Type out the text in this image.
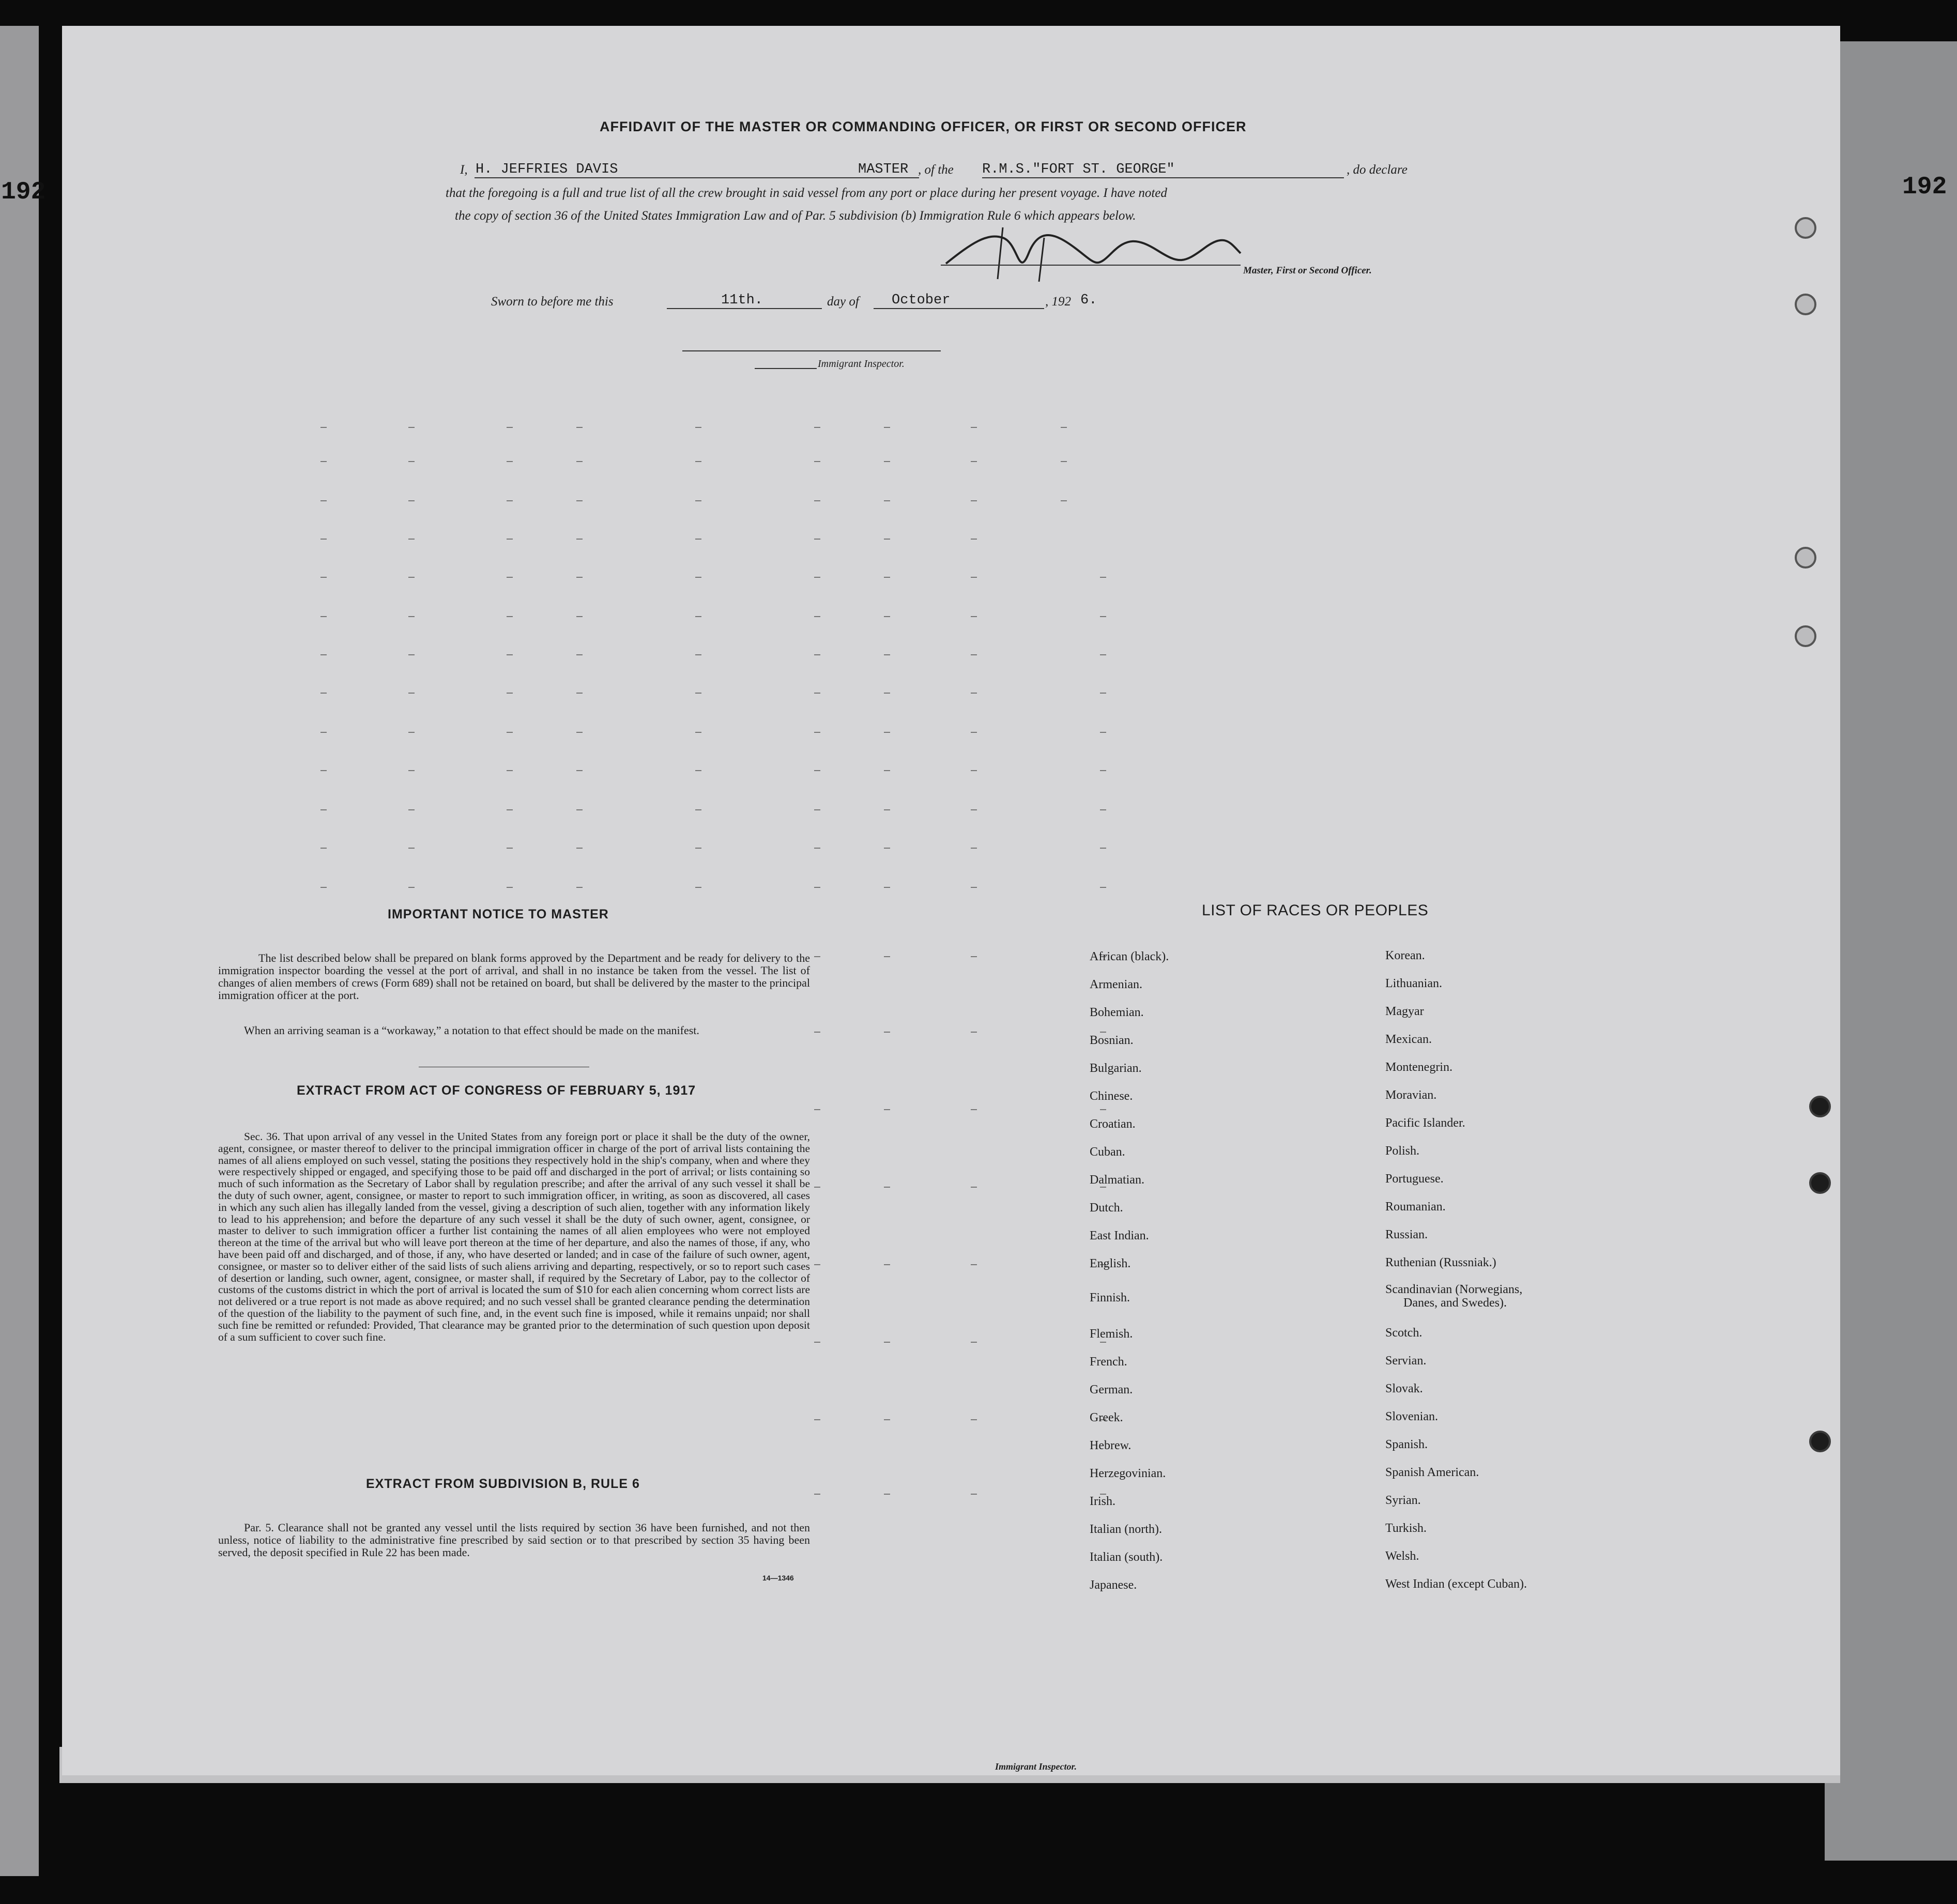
192	192
AFFIDAVIT OF THE MASTER OR COMMANDING OFFICER, OR FIRST OR SECOND OFFICER
I, H. JEFFRIES DAVIS	MASTER , of the R.M.S."FORT ST. GEORGE"	, do declare
that the foregoing is a full and true list of all the crew brought in said vessel from any port or place during her present voyage. I have noted
the copy of section 36 of the United States Immigration Law and of Par. 5 subdivision (b) Immigration Rule 6 which appears below.
Master, First or Second Officer.
Sworn to before me this	11th.	day of October	, 192 6.
Immigrant Inspector.
IMPORTANT NOTICE TO MASTER
The list described below shall be prepared on blank forms approved by the Department and be ready for delivery to the immigration inspector boarding the vessel at the port of arrival, and shall in no instance be taken from the vessel. The list of changes of alien members of crews (Form 689) shall not be retained on board, but shall be delivered by the master to the principal immigration officer at the port.
When an arriving seaman is a “workaway,” a notation to that effect should be made on the manifest.
EXTRACT FROM ACT OF CONGRESS OF FEBRUARY 5, 1917
Sec. 36. That upon arrival of any vessel in the United States from any foreign port or place it shall be the duty of the owner, agent, consignee, or master thereof to deliver to the principal immigration officer in charge of the port of arrival lists containing the names of all aliens employed on such vessel, stating the positions they respectively hold in the ship's company, when and where they were respectively shipped or engaged, and specifying those to be paid off and discharged in the port of arrival; or lists containing so much of such information as the Secretary of Labor shall by regulation prescribe; and after the arrival of any such vessel it shall be the duty of such owner, agent, consignee, or master to report to such immigration officer, in writing, as soon as discovered, all cases in which any such alien has illegally landed from the vessel, giving a description of such alien, together with any information likely to lead to his apprehension; and before the departure of any such vessel it shall be the duty of such owner, agent, consignee, or master to deliver to such immigration officer a further list containing the names of all alien employees who were not employed thereon at the time of the arrival but who will leave port thereon at the time of her departure, and also the names of those, if any, who have been paid off and discharged, and of those, if any, who have deserted or landed; and in case of the failure of such owner, agent, consignee, or master so to deliver either of the said lists of such aliens arriving and departing, respectively, or so to report such cases of desertion or landing, such owner, agent, consignee, or master shall, if required by the Secretary of Labor, pay to the collector of customs of the customs district in which the port of arrival is located the sum of $10 for each alien concerning whom correct lists are not delivered or a true report is not made as above required; and no such vessel shall be granted clearance pending the determination of the question of the liability to the payment of such fine, and, in the event such fine is imposed, while it remains unpaid; nor shall such fine be remitted or refunded: Provided, That clearance may be granted prior to the determination of such question upon deposit of a sum sufficient to cover such fine.
EXTRACT FROM SUBDIVISION B, RULE 6
Par. 5. Clearance shall not be granted any vessel until the lists required by section 36 have been furnished, and not then unless, notice of liability to the administrative fine prescribed by said section or to that prescribed by section 35 having been served, the deposit specified in Rule 22 has been made.
14—1346
LIST OF RACES OR PEOPLES
African (black).
Armenian.
Bohemian.
Bosnian.
Bulgarian.
Chinese.
Croatian.
Cuban.
Dalmatian.
Dutch.
East Indian.
English.
Finnish.
Flemish.
French.
German.
Greek.
Hebrew.
Herzegovinian.
Irish.
Italian (north).
Italian (south).
Japanese.
Korean.
Lithuanian.
Magyar
Mexican.
Montenegrin.
Moravian.
Pacific Islander.
Polish.
Portuguese.
Roumanian.
Russian.
Ruthenian (Russniak.)
Scandinavian (Norwegians,
Danes, and Swedes).
Scotch.
Servian.
Slovak.
Slovenian.
Spanish.
Spanish American.
Syrian.
Turkish.
Welsh.
West Indian (except Cuban).
Immigrant Inspector.
